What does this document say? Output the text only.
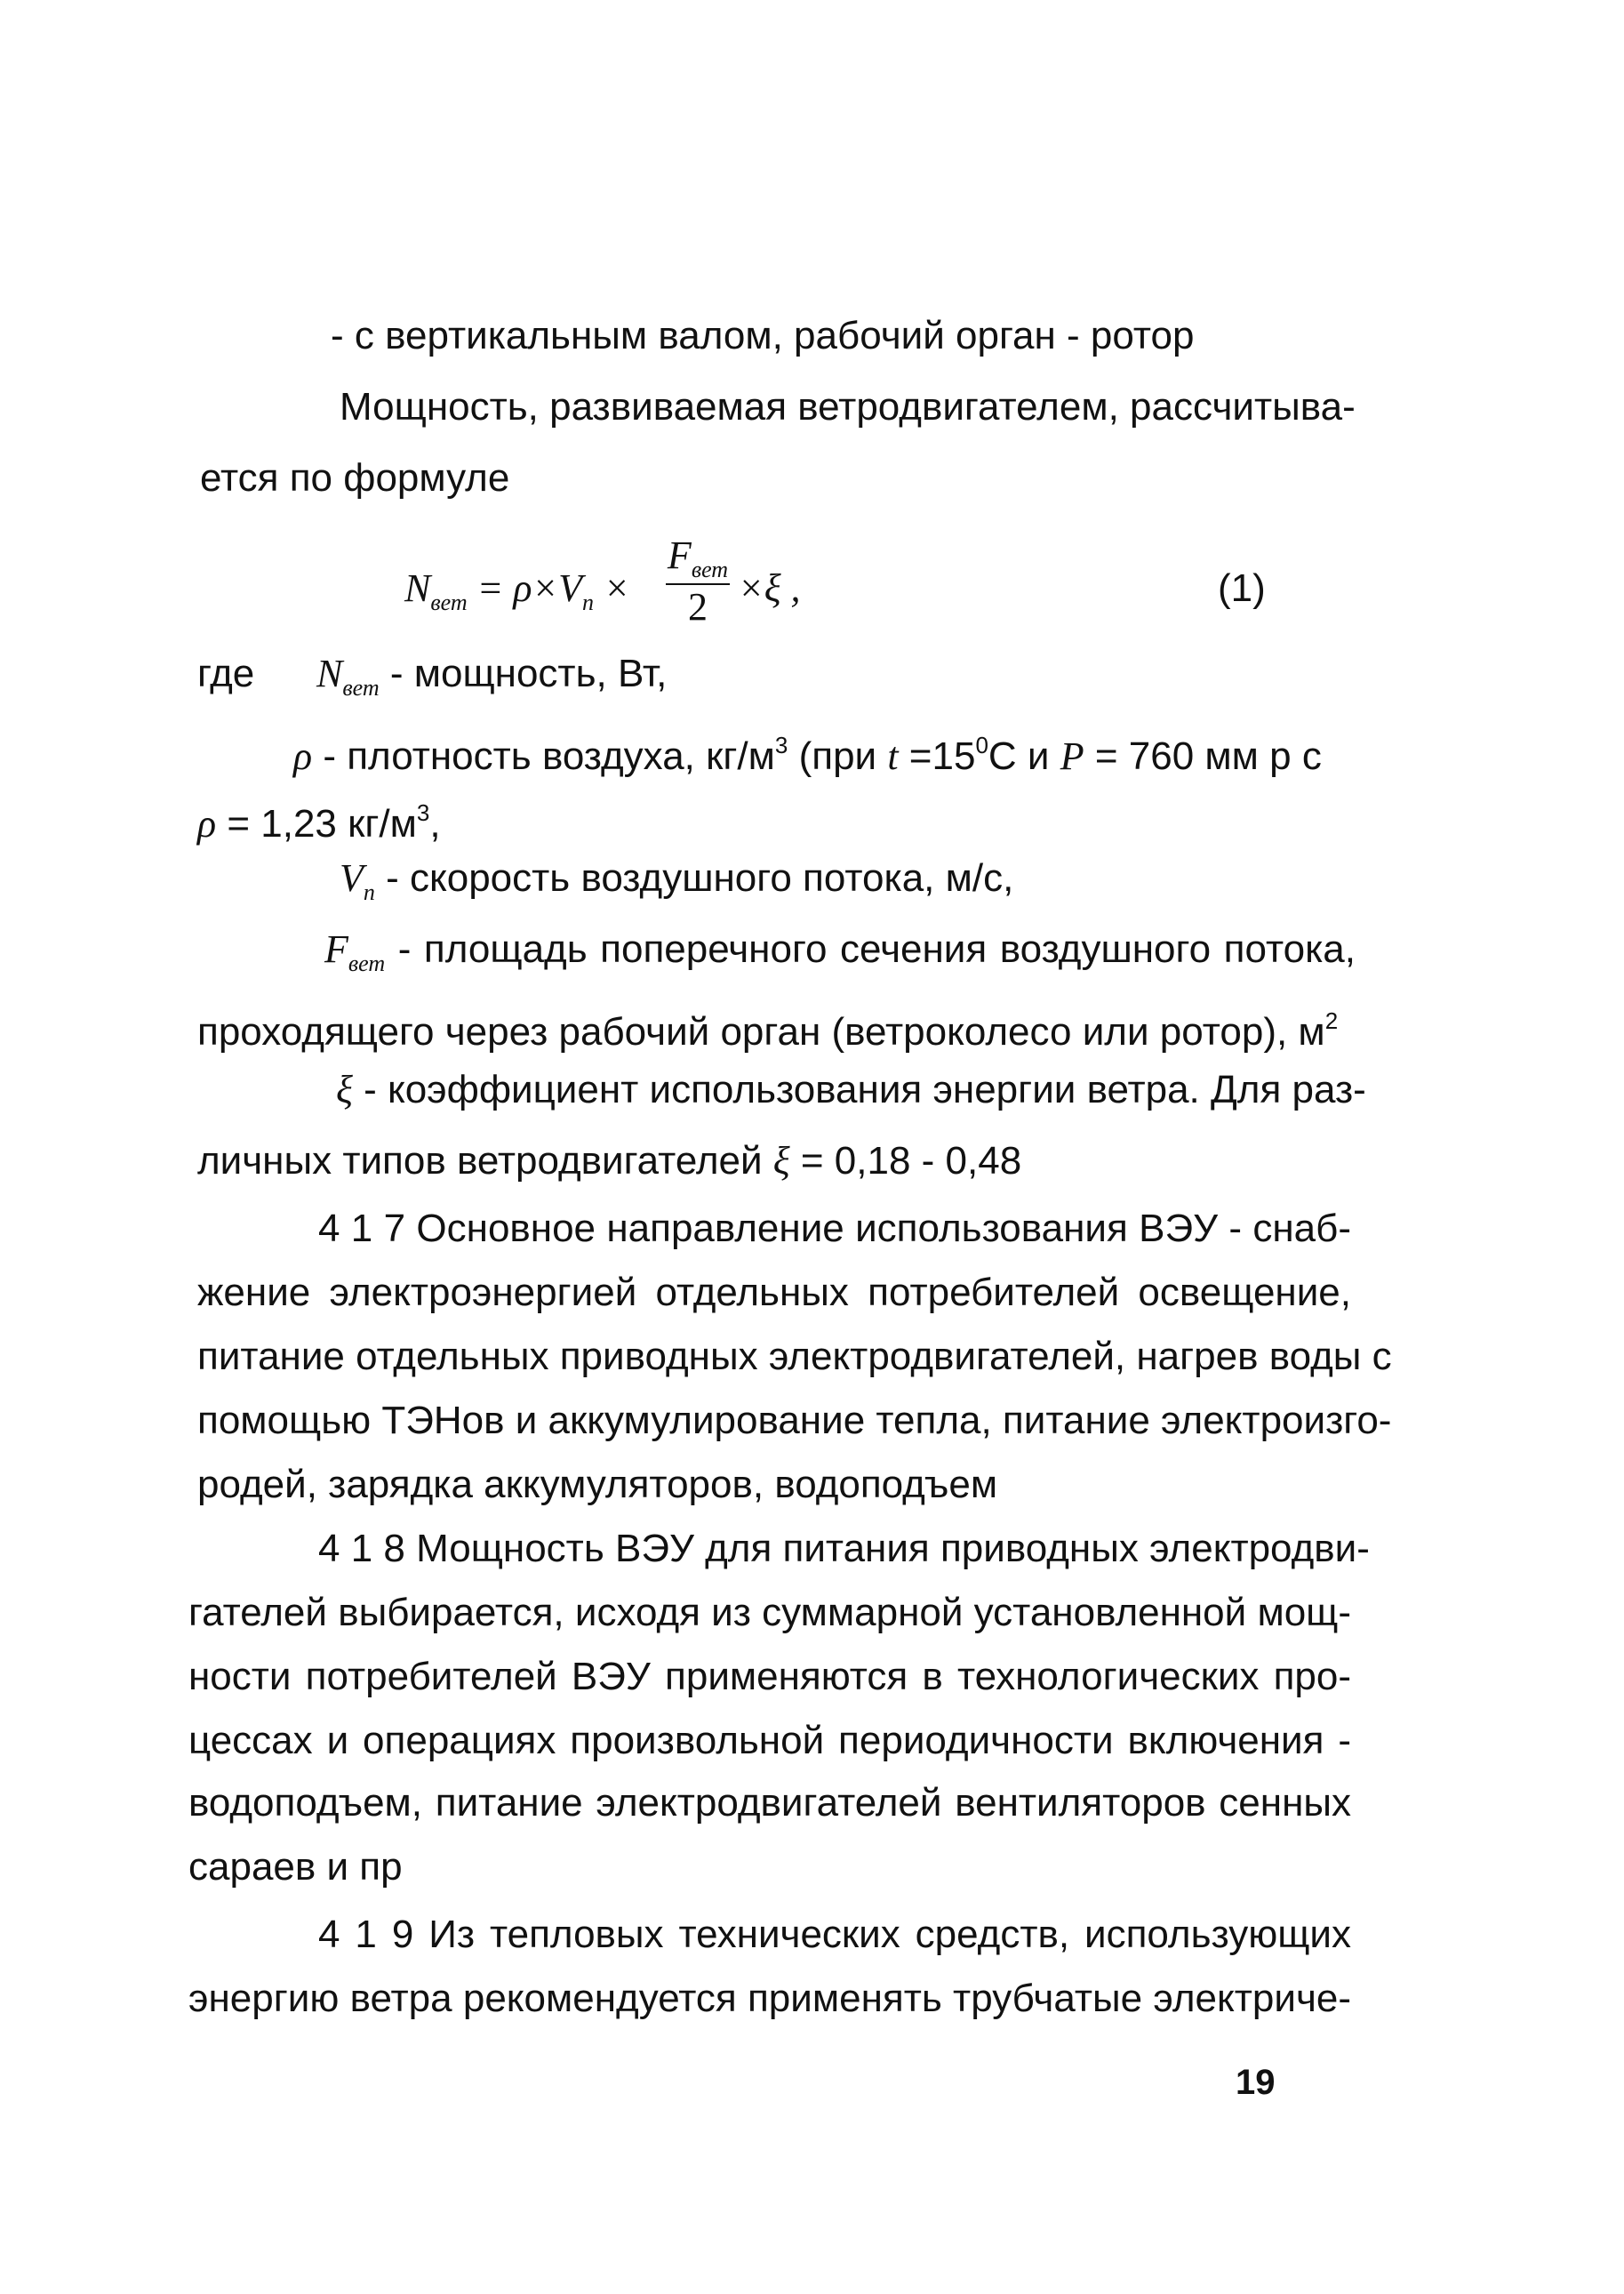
- с вертикальным валом, рабочий орган - ротор
Мощность, развиваемая ветродвигателем, рассчитыва-
ется по формуле
$N_{вет} = \rho\times V_п$ ×
$F_{вет}$
2 ×ξ ,	(1)
где $N_{вет}$ - мощность, Вт,
ρ - плотность воздуха, $кг/м^3$ (при $t =15^0С$ и P = 760 мм р с
ρ = 1,23 $кг/м^3$,
$V_п$ - скорость воздушного потока, м/с,
$F_{вет}$ - площадь поперечного сечения воздушного потока,
проходящего через рабочий орган (ветроколесо или ротор), $м^2$
ξ - коэффициент использования энергии ветра. Для раз-
личных типов ветродвигателей ξ = 0,18 - 0,48
4 1 7 Основное направление использования ВЭУ - снаб-
жение электроэнергией отдельных потребителей освещение,
питание отдельных приводных электродвигателей, нагрев воды с
помощью ТЭНов и аккумулирование тепла, питание электроизго-
родей, зарядка аккумуляторов, водоподъем
4 1 8 Мощность ВЭУ для питания приводных электродви-
гателей выбирается, исходя из суммарной установленной мощ-
ности потребителей ВЭУ применяются в технологических про-
цессах и операциях произвольной периодичности включения -
водоподъем, питание электродвигателей вентиляторов сенных
сараев и пр
4 1 9 Из тепловых технических средств, использующих
энергию ветра рекомендуется применять трубчатые электриче-
19
